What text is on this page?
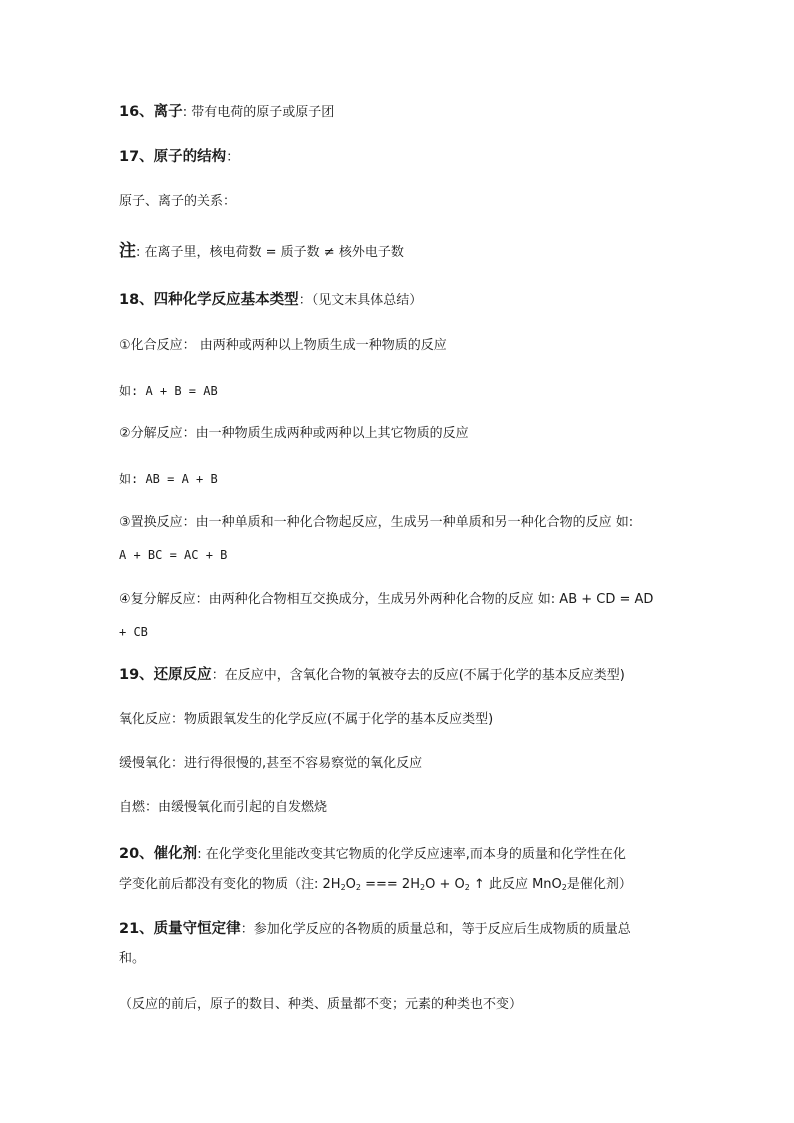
16、离子: 带有电荷的原子或原子团
17、原子的结构：
原子、离子的关系：
注: 在离子里，核电荷数 = 质子数 ≠ 核外电子数
18、四种化学反应基本类型：（见文末具体总结）
①化合反应： 由两种或两种以上物质生成一种物质的反应
如: A + B = AB
②分解反应：由一种物质生成两种或两种以上其它物质的反应
如: AB = A + B
③置换反应：由一种单质和一种化合物起反应，生成另一种单质和另一种化合物的反应 如:
A + BC = AC + B
④复分解反应：由两种化合物相互交换成分，生成另外两种化合物的反应 如: AB + CD = AD
+ CB
19、还原反应：在反应中，含氧化合物的氧被夺去的反应(不属于化学的基本反应类型)
氧化反应：物质跟氧发生的化学反应(不属于化学的基本反应类型)
缓慢氧化：进行得很慢的,甚至不容易察觉的氧化反应
自燃：由缓慢氧化而引起的自发燃烧
20、催化剂: 在化学变化里能改变其它物质的化学反应速率,而本身的质量和化学性在化
学变化前后都没有变化的物质（注: $2H_2O_2$ === $2H_2O + O_2$ ↑ 此反应 MnO$_2$是催化剂）
21、质量守恒定律：参加化学反应的各物质的质量总和，等于反应后生成物质的质量总
和。
（反应的前后，原子的数目、种类、质量都不变；元素的种类也不变）
